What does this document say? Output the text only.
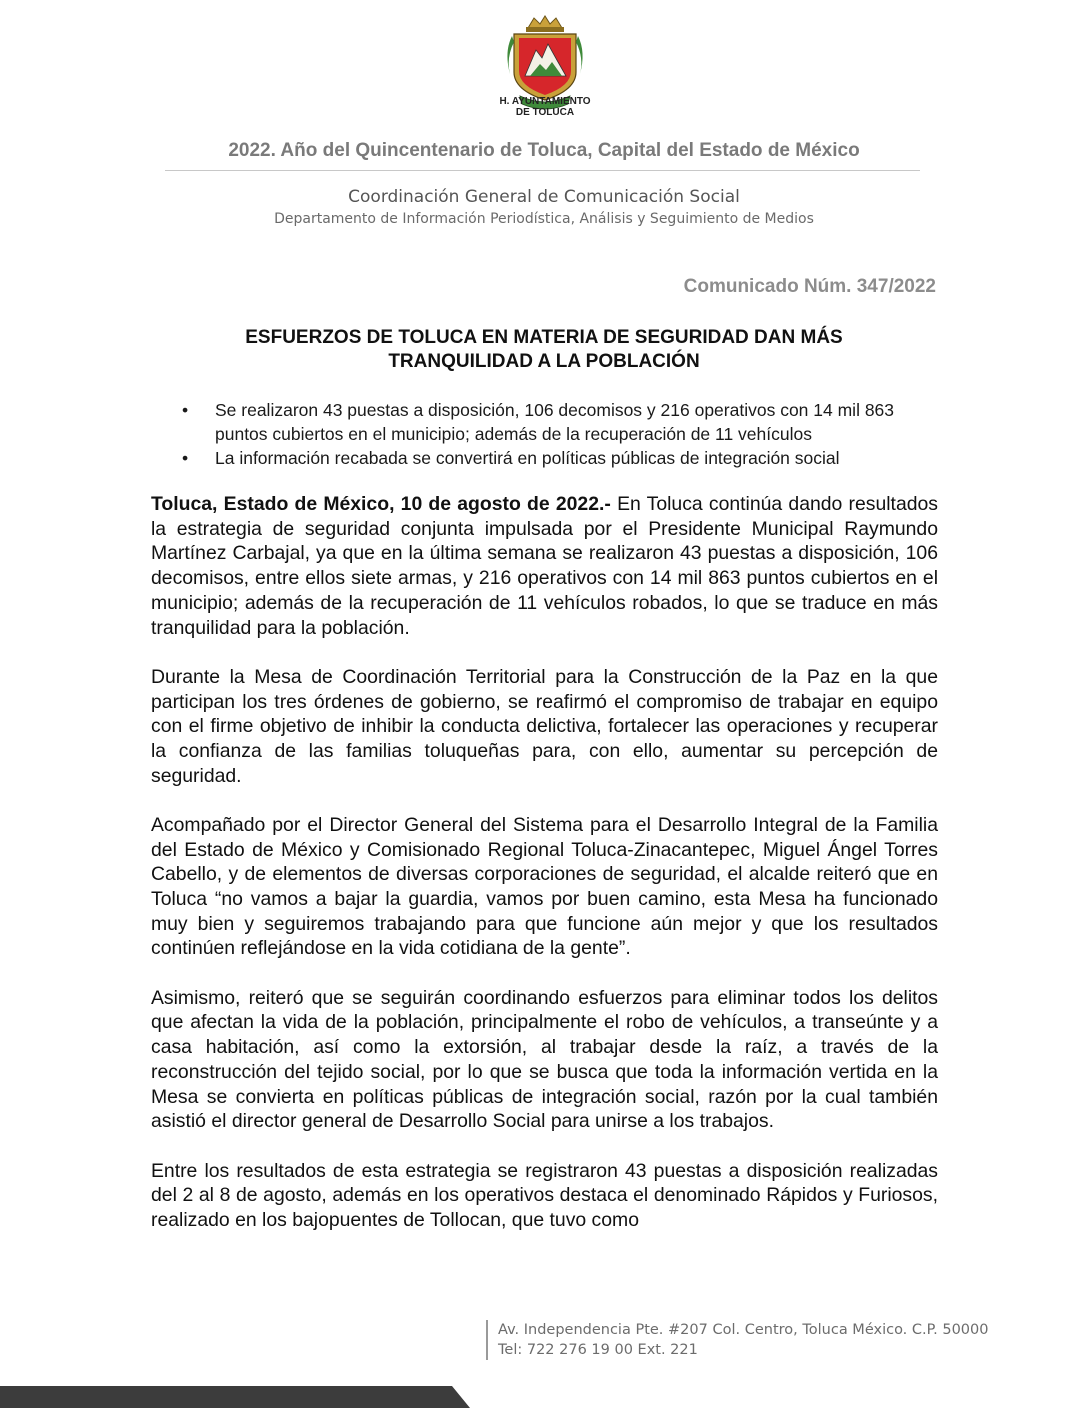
H. AYUNTAMIENTO
DE TOLUCA
2022. Año del Quincentenario de Toluca, Capital del Estado de México
Coordinación General de Comunicación Social
Departamento de Información Periodística, Análisis y Seguimiento de Medios
Comunicado Núm. 347/2022
ESFUERZOS DE TOLUCA EN MATERIA DE SEGURIDAD DAN MÁS
TRANQUILIDAD A LA POBLACIÓN
• Se realizaron 43 puestas a disposición, 106 decomisos y 216 operativos con 14 mil 863 puntos cubiertos en el municipio; además de la recuperación de 11 vehículos
• La información recabada se convertirá en políticas públicas de integración social

Toluca, Estado de México, 10 de agosto de 2022.- En Toluca continúa dando resultados la estrategia de seguridad conjunta impulsada por el Presidente Municipal Raymundo Martínez Carbajal, ya que en la última semana se realizaron 43 puestas a disposición, 106 decomisos, entre ellos siete armas, y 216 operativos con 14 mil 863 puntos cubiertos en el municipio; además de la recuperación de 11 vehículos robados, lo que se traduce en más tranquilidad para la población.

Durante la Mesa de Coordinación Territorial para la Construcción de la Paz en la que participan los tres órdenes de gobierno, se reafirmó el compromiso de trabajar en equipo con el firme objetivo de inhibir la conducta delictiva, fortalecer las operaciones y recuperar la confianza de las familias toluqueñas para, con ello, aumentar su percepción de seguridad.

Acompañado por el Director General del Sistema para el Desarrollo Integral de la Familia del Estado de México y Comisionado Regional Toluca-Zinacantepec, Miguel Ángel Torres Cabello, y de elementos de diversas corporaciones de seguridad, el alcalde reiteró que en Toluca “no vamos a bajar la guardia, vamos por buen camino, esta Mesa ha funcionado muy bien y seguiremos trabajando para que funcione aún mejor y que los resultados continúen reflejándose en la vida cotidiana de la gente”.

Asimismo, reiteró que se seguirán coordinando esfuerzos para eliminar todos los delitos que afectan la vida de la población, principalmente el robo de vehículos, a transeúnte y a casa habitación, así como la extorsión, al trabajar desde la raíz, a través de la reconstrucción del tejido social, por lo que se busca que toda la información vertida en la Mesa se convierta en políticas públicas de integración social, razón por la cual también asistió el director general de Desarrollo Social para unirse a los trabajos.

Entre los resultados de esta estrategia se registraron 43 puestas a disposición realizadas del 2 al 8 de agosto, además en los operativos destaca el denominado Rápidos y Furiosos, realizado en los bajopuentes de Tollocan, que tuvo como

Av. Independencia Pte. #207 Col. Centro, Toluca México. C.P. 50000
Tel: 722 276 19 00 Ext. 221
